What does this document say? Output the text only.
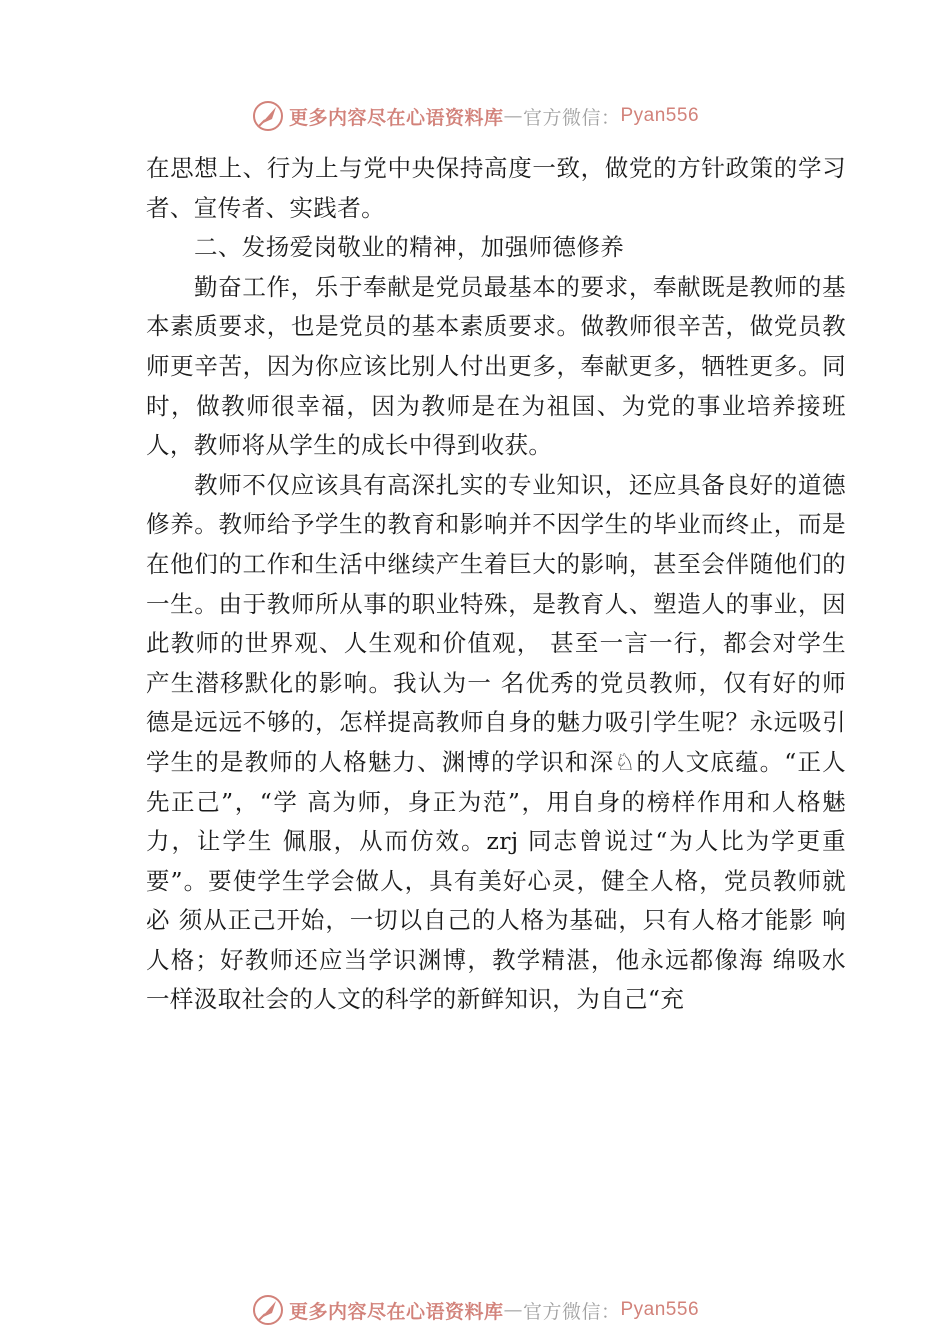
更多内容尽在心语资料库 — 官方微信： Pyan556

在思想上、行为上与党中央保持高度一致，做党的方针政策的学习者、宣传者、实践者。

二、发扬爱岗敬业的精神，加强师德修养

勤奋工作，乐于奉献是党员最基本的要求，奉献既是教师的基本素质要求，也是党员的基本素质要求。做教师很辛苦，做党员教师更辛苦，因为你应该比别人付出更多，奉献更多，牺牲更多。同时，做教师很幸福，因为教师是在为祖国、为党的事业培养接班人，教师将从学生的成长中得到收获。

教师不仅应该具有高深扎实的专业知识，还应具备良好的道德修养。教师给予学生的教育和影响并不因学生的毕业而终止，而是在他们的工作和生活中继续产生着巨大的影响，甚至会伴随他们的一生。由于教师所从事的职业特殊，是教育人、塑造人的事业，因此教师的世界观、人生观和价值观， 甚至一言一行，都会对学生产生潜移默化的影响。我认为一 名优秀的党员教师，仅有好的师德是远远不够的，怎样提高教师自身的魅力吸引学生呢？永远吸引学生的是教师的人格魅力、渊博的学识和深♘的人文底蕴。“正人先正己”，“学 高为师，身正为范”，用自身的榜样作用和人格魅力，让学生 佩服，从而仿效。zrj 同志曾说过“为人比为学更重要”。要使学生学会做人，具有美好心灵，健全人格，党员教师就必 须从正己开始，一切以自己的人格为基础，只有人格才能影 响人格；好教师还应当学识渊博，教学精湛，他永远都像海 绵吸水一样汲取社会的人文的科学的新鲜知识，为自己“充

更多内容尽在心语资料库 — 官方微信： Pyan556
